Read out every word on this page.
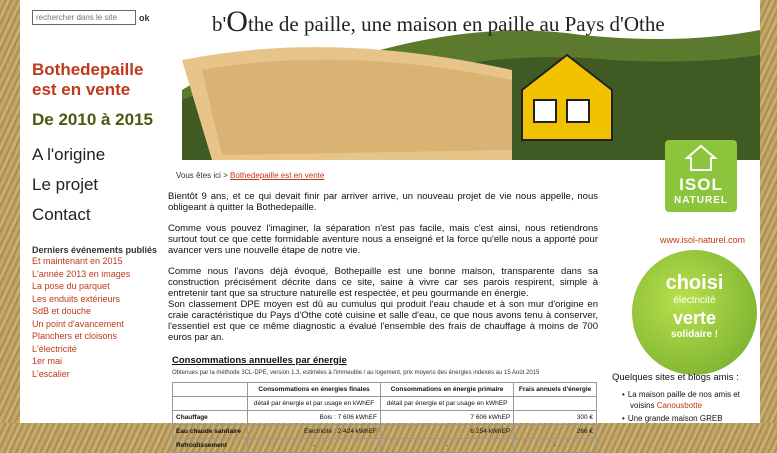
rechercher dans le site
ok	b'Othe de paille, une maison en paille au Pays d'Othe
Bothedepaille
est en vente
De 2010 à 2015
A l'origine
Le projet
Contact
Derniers événements publiés
Et maintenant en 2015
L'année 2013 en images
La pose du parquet
Les enduits extérieurs
SdB et douche
Un point d'avancement
Planchers et cloisons
L'électricité
1er mai
L'escalier
Vous êtes ici > Bothedepaille est en vente

Bientôt 9 ans, et ce qui devait finir par arriver arrive, un nouveau projet de vie nous appelle, nous obligeant à quitter la Bothedepaille.

Comme vous pouvez l'imaginer, la séparation n'est pas facile, mais c'est ainsi, nous retiendrons surtout tout ce que cette formidable aventure nous a enseigné et la force qu'elle nous a apporté pour avancer vers une nouvelle étape de notre vie.

Comme nous l'avons déjà évoqué, Bothepaille est une bonne maison, transparente dans sa construction précisément décrite dans ce site, saine à vivre car ses parois respirent, simple à entretenir tant que sa structure naturelle est respectée, et peu gourmande en énergie.
Son classement DPE moyen est dû au cumulus qui produit l'eau chaude et à son mur d'origine en craie caractéristique du Pays d'Othe coté cuisine et salle d'eau, ce que nous avons tenu à conserver, l'essentiel est que ce même diagnostic a évalué l'ensemble des frais de chauffage à moins de 700 euros par an.

Consommations annuelles par énergie
Obtenues par la méthode 3CL-DPE, version 1.3, estimées à l'immeuble / au logement, prix moyens des énergies indexés au 15 Août 2015
	Consommations en énergies finales	Consommations en énergie primaire	Frais annuels d'énergie
	détail par énergie et par usage en kWhEF	détail par énergie et par usage en kWhEP	
Chauffage	Bois : 7 606 kWhEF	7 606 kWhEP	300 €
Eau chaude sanitaire	Electricité : 2 424 kWhEF	6 254 kWhEP	266 €
Refroidissement	-	-	-
ISOL
NATUREL
www.isol-naturel.com
choisi
électricité
verte
solidaire !
Quelques sites et blogs amis :
• La maison paille de nos amis et voisins Canousbotte
• Une grande maison GREB
